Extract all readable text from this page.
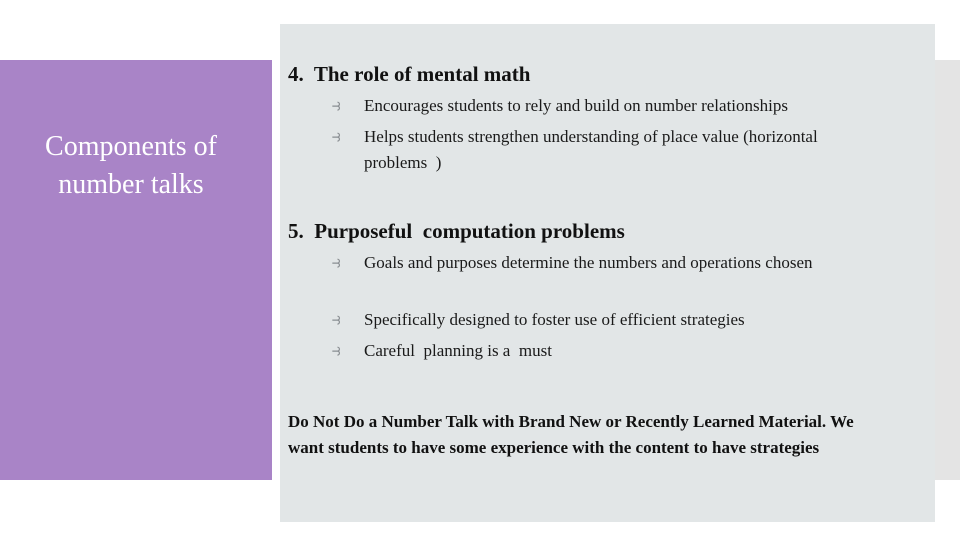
Components of
number talks
4.  The role of mental math
⥽	Encourages students to rely and build on number relationships
⥽	Helps students strengthen understanding of place value (horizontal problems  )
5.  Purposeful  computation problems
⥽	Goals and purposes determine the numbers and operations chosen
⥽	Specifically designed to foster use of efficient strategies
⥽	Careful  planning is a  must
Do Not Do a Number Talk with Brand New or Recently Learned Material. We want students to have some experience with the content to have strategies
